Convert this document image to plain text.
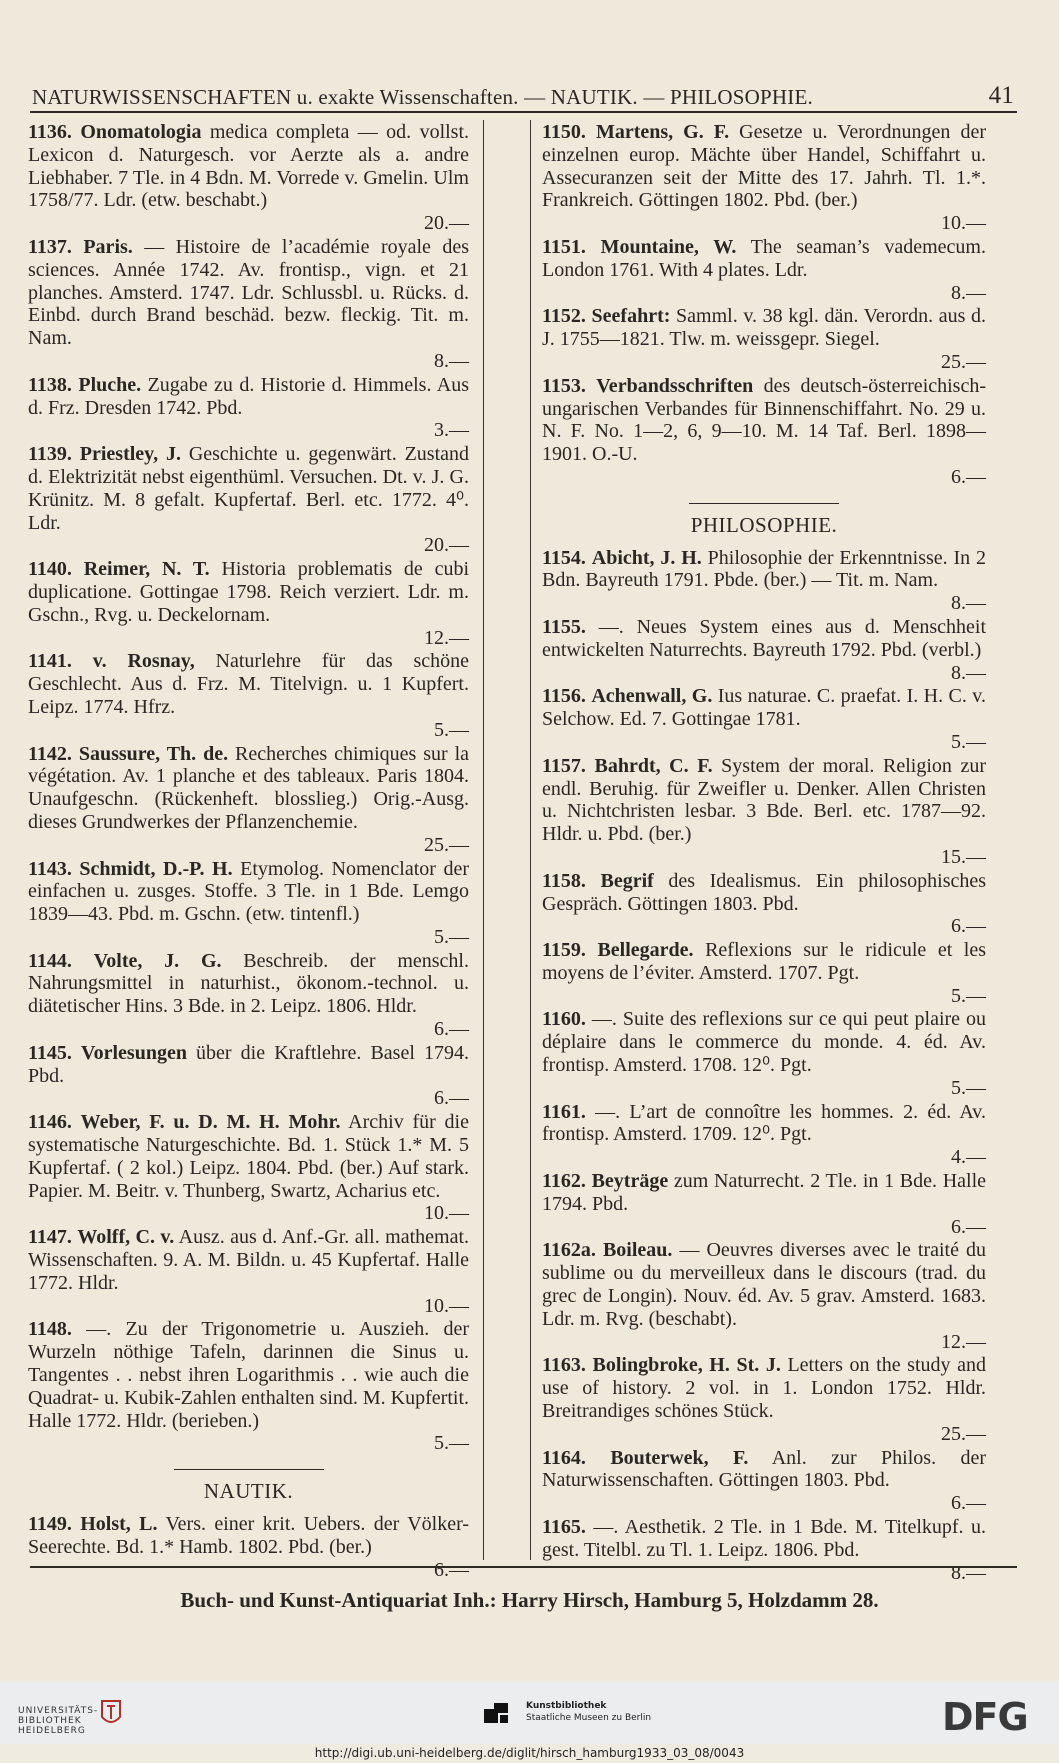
NATURWISSENSCHAFTEN u. exakte Wissenschaften. — NAUTIK. — PHILOSOPHIE.	41
1136. Onomatologia medica completa — od. vollst. Lexicon d. Naturgesch. vor Aerzte als a. andre Liebhaber. 7 Tle. in 4 Bdn. M. Vorrede v. Gmelin. Ulm 1758/77. Ldr. (etw. beschabt.)
20.—
1137. Paris. — Histoire de l’académie royale des sciences. Année 1742. Av. frontisp., vign. et 21 planches. Amsterd. 1747. Ldr. Schlussbl. u. Rücks. d. Einbd. durch Brand beschäd. bezw. fleckig. Tit. m. Nam.
8.—
1138. Pluche. Zugabe zu d. Historie d. Himmels. Aus d. Frz. Dresden 1742. Pbd.
3.—
1139. Priestley, J. Geschichte u. gegenwärt. Zustand d. Elektrizität nebst eigenthüml. Versuchen. Dt. v. J. G. Krünitz. M. 8 gefalt. Kupfertaf. Berl. etc. 1772. 4⁰. Ldr.
20.—
1140. Reimer, N. T. Historia problematis de cubi duplicatione. Gottingae 1798. Reich verziert. Ldr. m. Gschn., Rvg. u. Deckelornam.
12.—
1141. v. Rosnay, Naturlehre für das schöne Geschlecht. Aus d. Frz. M. Titelvign. u. 1 Kupfert. Leipz. 1774. Hfrz.
5.—
1142. Saussure, Th. de. Recherches chimiques sur la végétation. Av. 1 planche et des tableaux. Paris 1804. Unaufgeschn. (Rückenheft. blosslieg.) Orig.-Ausg. dieses Grundwerkes der Pflanzenchemie.
25.—
1143. Schmidt, D.-P. H. Etymolog. Nomenclator der einfachen u. zusges. Stoffe. 3 Tle. in 1 Bde. Lemgo 1839—43. Pbd. m. Gschn. (etw. tintenfl.)
5.—
1144. Volte, J. G. Beschreib. der menschl. Nahrungsmittel in naturhist., ökonom.-technol. u. diätetischer Hins. 3 Bde. in 2. Leipz. 1806. Hldr.
6.—
1145. Vorlesungen über die Kraftlehre. Basel 1794. Pbd.
6.—
1146. Weber, F. u. D. M. H. Mohr. Archiv für die systematische Naturgeschichte. Bd. 1. Stück 1.* M. 5 Kupfertaf. ( 2 kol.) Leipz. 1804. Pbd. (ber.) Auf stark. Papier. M. Beitr. v. Thunberg, Swartz, Acharius etc.
10.—
1147. Wolff, C. v. Ausz. aus d. Anf.-Gr. all. mathemat. Wissenschaften. 9. A. M. Bildn. u. 45 Kupfertaf. Halle 1772. Hldr.
10.—
1148. —. Zu der Trigonometrie u. Auszieh. der Wurzeln nöthige Tafeln, darinnen die Sinus u. Tangentes . . nebst ihren Logarithmis . . wie auch die Quadrat- u. Kubik-Zahlen enthalten sind. M. Kupfertit. Halle 1772. Hldr. (berieben.)
5.—
NAUTIK.
1149. Holst, L. Vers. einer krit. Uebers. der Völker-Seerechte. Bd. 1.* Hamb. 1802. Pbd. (ber.)
6.—
1150. Martens, G. F. Gesetze u. Verordnungen der einzelnen europ. Mächte über Handel, Schiffahrt u. Assecuranzen seit der Mitte des 17. Jahrh. Tl. 1.*. Frankreich. Göttingen 1802. Pbd. (ber.)
10.—
1151. Mountaine, W. The seaman’s vademecum. London 1761. With 4 plates. Ldr.
8.—
1152. Seefahrt: Samml. v. 38 kgl. dän. Verordn. aus d. J. 1755—1821. Tlw. m. weissgepr. Siegel.
25.—
1153. Verbandsschriften des deutsch-österreichisch-ungarischen Verbandes für Binnenschiffahrt. No. 29 u. N. F. No. 1—2, 6, 9—10. M. 14 Taf. Berl. 1898—1901. O.-U.
6.—
PHILOSOPHIE.
1154. Abicht, J. H. Philosophie der Erkenntnisse. In 2 Bdn. Bayreuth 1791. Pbde. (ber.) — Tit. m. Nam.
8.—
1155. —. Neues System eines aus d. Menschheit entwickelten Naturrechts. Bayreuth 1792. Pbd. (verbl.)
8.—
1156. Achenwall, G. Ius naturae. C. praefat. I. H. C. v. Selchow. Ed. 7. Gottingae 1781.
5.—
1157. Bahrdt, C. F. System der moral. Religion zur endl. Beruhig. für Zweifler u. Denker. Allen Christen u. Nichtchristen lesbar. 3 Bde. Berl. etc. 1787—92. Hldr. u. Pbd. (ber.)
15.—
1158. Begrif des Idealismus. Ein philosophisches Gespräch. Göttingen 1803. Pbd.
6.—
1159. Bellegarde. Reflexions sur le ridicule et les moyens de l’éviter. Amsterd. 1707. Pgt.
5.—
1160. —. Suite des reflexions sur ce qui peut plaire ou déplaire dans le commerce du monde. 4. éd. Av. frontisp. Amsterd. 1708. 12⁰. Pgt.
5.—
1161. —. L’art de connoître les hommes. 2. éd. Av. frontisp. Amsterd. 1709. 12⁰. Pgt.
4.—
1162. Beyträge zum Naturrecht. 2 Tle. in 1 Bde. Halle 1794. Pbd.
6.—
1162a. Boileau. — Oeuvres diverses avec le traité du sublime ou du merveilleux dans le discours (trad. du grec de Longin). Nouv. éd. Av. 5 grav. Amsterd. 1683. Ldr. m. Rvg. (beschabt).
12.—
1163. Bolingbroke, H. St. J. Letters on the study and use of history. 2 vol. in 1. London 1752. Hldr. Breitrandiges schönes Stück.
25.—
1164. Bouterwek, F. Anl. zur Philos. der Naturwissenschaften. Göttingen 1803. Pbd.
6.—
1165. —. Aesthetik. 2 Tle. in 1 Bde. M. Titelkupf. u. gest. Titelbl. zu Tl. 1. Leipz. 1806. Pbd.
8.—
Buch- und Kunst-Antiquariat Inh.: Harry Hirsch, Hamburg 5, Holzdamm 28.
UNIVERSITÄTS-
BIBLIOTHEK
HEIDELBERG
Kunstbibliothek
Staatliche Museen zu Berlin	DFG
http://digi.ub.uni-heidelberg.de/diglit/hirsch_hamburg1933_03_08/0043
